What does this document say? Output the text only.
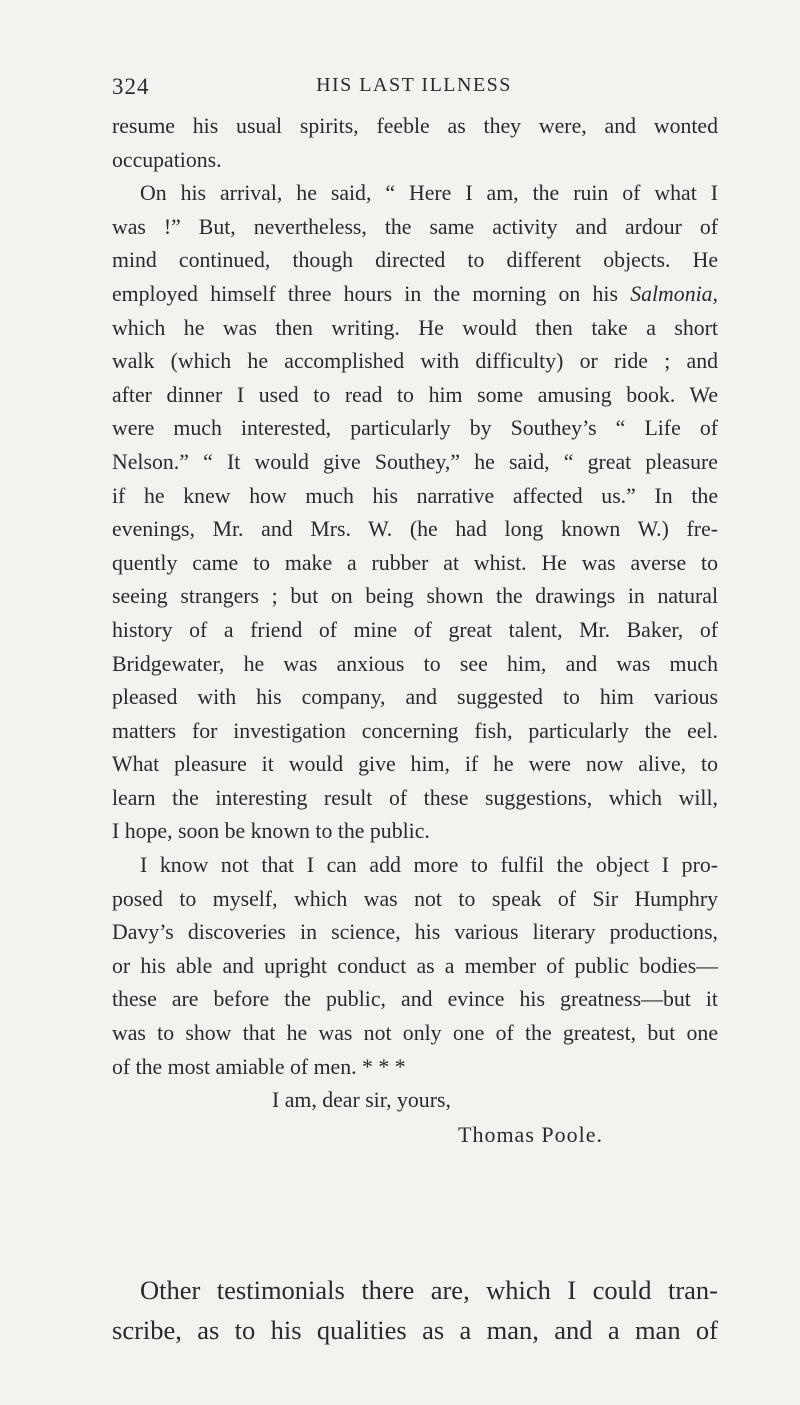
324	HIS LAST ILLNESS
resume his usual spirits, feeble as they were, and wonted
occupations.
On his arrival, he said, “ Here I am, the ruin of what I
was !” But, nevertheless, the same activity and ardour of
mind continued, though directed to different objects. He
employed himself three hours in the morning on his Salmonia,
which he was then writing. He would then take a short
walk (which he accomplished with difficulty) or ride ; and
after dinner I used to read to him some amusing book. We
were much interested, particularly by Southey’s “ Life of
Nelson.” “ It would give Southey,” he said, “ great pleasure
if he knew how much his narrative affected us.” In the
evenings, Mr. and Mrs. W. (he had long known W.) fre-
quently came to make a rubber at whist. He was averse to
seeing strangers ; but on being shown the drawings in natural
history of a friend of mine of great talent, Mr. Baker, of
Bridgewater, he was anxious to see him, and was much
pleased with his company, and suggested to him various
matters for investigation concerning fish, particularly the eel.
What pleasure it would give him, if he were now alive, to
learn the interesting result of these suggestions, which will,
I hope, soon be known to the public.
I know not that I can add more to fulfil the object I pro-
posed to myself, which was not to speak of Sir Humphry
Davy’s discoveries in science, his various literary productions,
or his able and upright conduct as a member of public bodies—
these are before the public, and evince his greatness—but it
was to show that he was not only one of the greatest, but one
of the most amiable of men. * * *
I am, dear sir, yours,
Thomas Poole.
Other testimonials there are, which I could tran-
scribe, as to his qualities as a man, and a man of
